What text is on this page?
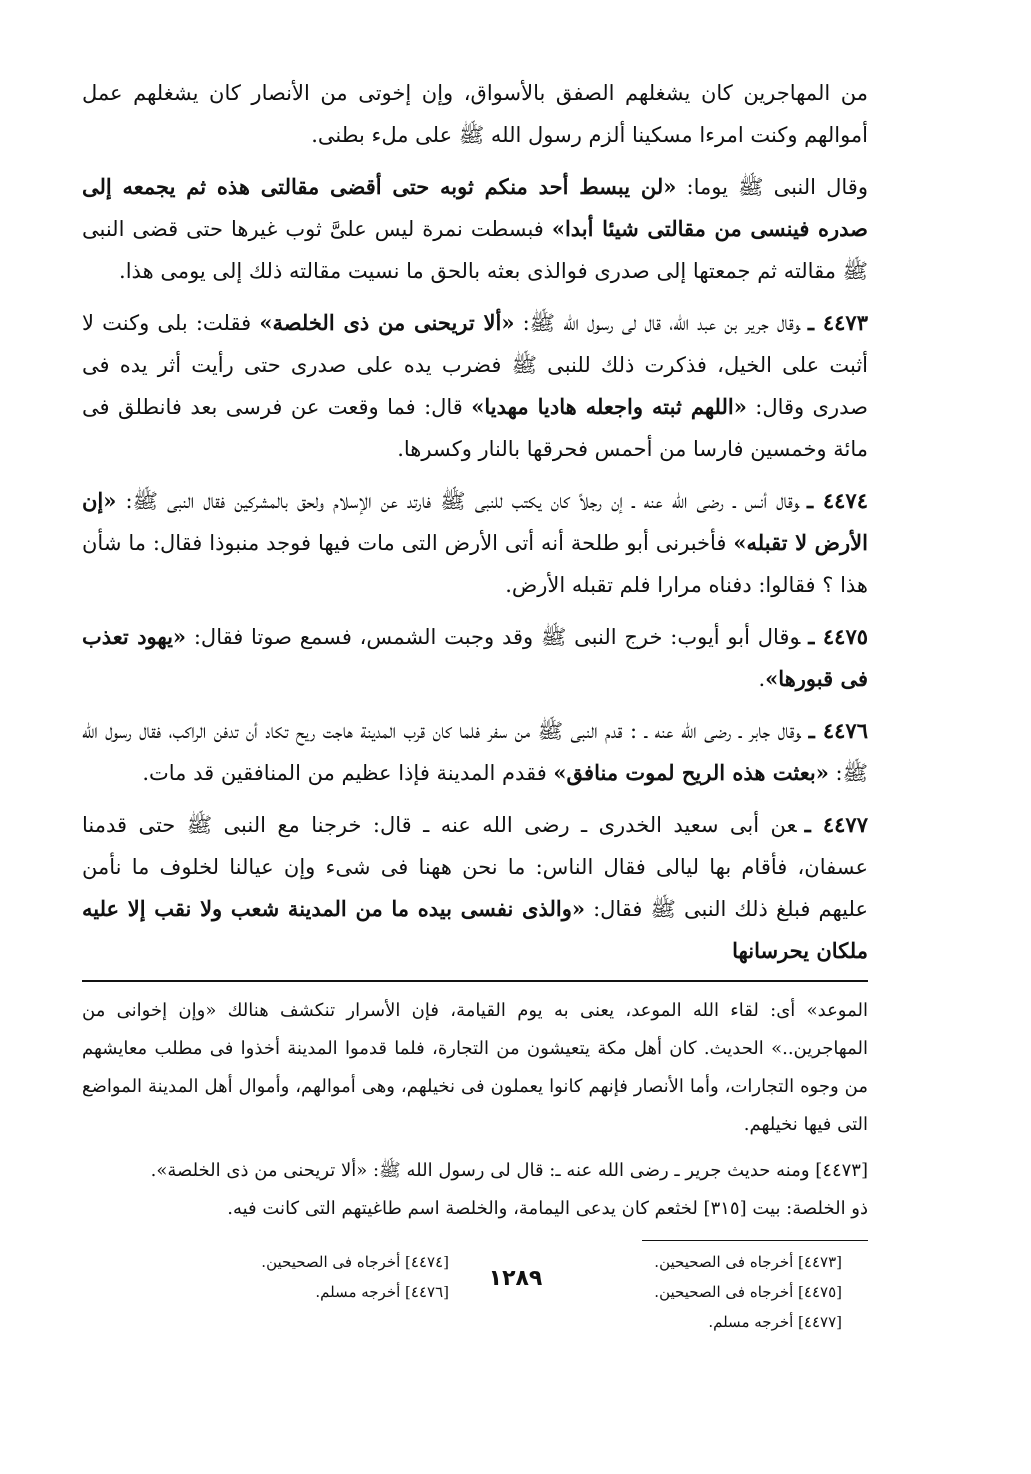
من المهاجرين كان يشغلهم الصفق بالأسواق، وإن إخوتى من الأنصار كان يشغلهم عمل أموالهم وكنت امرءا مسكينا ألزم رسول الله ﷺ على ملء بطنى.

وقال النبى ﷺ يوما: «لن يبسط أحد منكم ثوبه حتى أقضى مقالتى هذه ثم يجمعه إلى صدره فينسى من مقالتى شيئا أبدا» فبسطت نمرة ليس علىَّ ثوب غيرها حتى قضى النبى ﷺ مقالته ثم جمعتها إلى صدرى فوالذى بعثه بالحق ما نسيت مقالته ذلك إلى يومى هذا.

٤٤٧٣ ـوقال جرير بن عبد الله، قال لى رسول الله ﷺ: «ألا تريحنى من ذى الخلصة» فقلت: بلى وكنت لا أثبت على الخيل، فذكرت ذلك للنبى ﷺ فضرب يده على صدرى حتى رأيت أثر يده فى صدرى وقال: «اللهم ثبته واجعله هاديا مهديا» قال: فما وقعت عن فرسى بعد فانطلق فى مائة وخمسين فارسا من أحمس فحرقها بالنار وكسرها.

٤٤٧٤ ـوقال أنس ـ رضى الله عنه ـ إن رجلاً كان يكتب للنبى ﷺ فارتد عن الإسلام ولحق بالمشركين فقال النبى ﷺ: «إن الأرض لا تقبله» فأخبرنى أبو طلحة أنه أتى الأرض التى مات فيها فوجد منبوذا فقال: ما شأن هذا ؟ فقالوا: دفناه مرارا فلم تقبله الأرض.

٤٤٧٥ ـوقال أبو أيوب: خرج النبى ﷺ وقد وجبت الشمس، فسمع صوتا فقال: «يهود تعذب فى قبورها».

٤٤٧٦ ـوقال جابر ـ رضى الله عنه ـ : قدم النبى ﷺ من سفر فلما كان قرب المدينة هاجت ريح تكاد أن تدفن الراكب، فقال رسول الله ﷺ: «بعثت هذه الريح لموت منافق» فقدم المدينة فإذا عظيم من المنافقين قد مات.

٤٤٧٧ ـعن أبى سعيد الخدرى ـ رضى الله عنه ـ قال: خرجنا مع النبى ﷺ حتى قدمنا عسفان، فأقام بها ليالى فقال الناس: ما نحن ههنا فى شىء وإن عيالنا لخلوف ما نأمن عليهم فبلغ ذلك النبى ﷺ فقال: «والذى نفسى بيده ما من المدينة شعب ولا نقب إلا عليه ملكان يحرسانها

الموعد» أى: لقاء الله الموعد، يعنى به يوم القيامة، فإن الأسرار تنكشف هنالك «وإن إخوانى من المهاجرين..» الحديث. كان أهل مكة يتعيشون من التجارة، فلما قدموا المدينة أخذوا فى مطلب معايشهم من وجوه التجارات، وأما الأنصار فإنهم كانوا يعملون فى نخيلهم، وهى أموالهم، وأموال أهل المدينة المواضع التى فيها نخيلهم.

[٤٤٧٣] ومنه حديث جرير ـ رضى الله عنه ـ: قال لى رسول الله ﷺ: «ألا تريحنى من ذى الخلصة».

ذو الخلصة: بيت [٣١٥] لخثعم كان يدعى اليمامة، والخلصة اسم طاغيتهم التى كانت فيه.

[٤٤٧٣] أخرجاه فى الصحيحين.
[٤٤٧٥] أخرجاه فى الصحيحين.
[٤٤٧٧] أخرجه مسلم.
[٤٤٧٤] أخرجاه فى الصحيحين.
[٤٤٧٦] أخرجه مسلم.
١٢٨٩
